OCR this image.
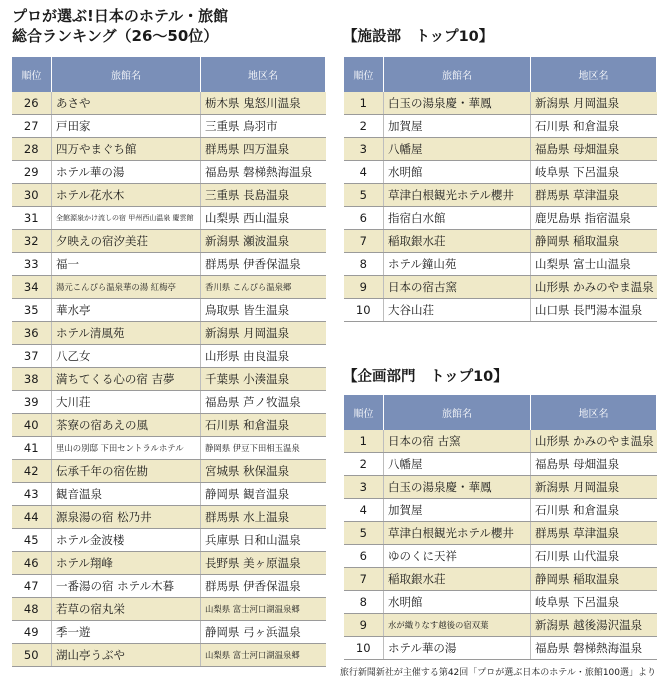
プロが選ぶ!日本のホテル・旅館
総合ランキング（26〜50位）
順位	旅館名	地区名
26	あさや	栃木県 鬼怒川温泉
27	戸田家	三重県 鳥羽市
28	四万やまぐち館	群馬県 四万温泉
29	ホテル華の湯	福島県 磐梯熱海温泉
30	ホテル花水木	三重県 長島温泉
31	全館源泉かけ流しの宿 甲州西山温泉 慶雲館	山梨県 西山温泉
32	夕映えの宿汐美荘	新潟県 瀬波温泉
33	福一	群馬県 伊香保温泉
34	湯元こんぴら温泉華の湯 紅梅亭	香川県 こんぴら温泉郷
35	華水亭	鳥取県 皆生温泉
36	ホテル清風苑	新潟県 月岡温泉
37	八乙女	山形県 由良温泉
38	満ちてくる心の宿 吉夢	千葉県 小湊温泉
39	大川荘	福島県 芦ノ牧温泉
40	茶寮の宿あえの風	石川県 和倉温泉
41	里山の別邸 下田セントラルホテル	静岡県 伊豆下田相玉温泉
42	伝承千年の宿佐勘	宮城県 秋保温泉
43	観音温泉	静岡県 観音温泉
44	源泉湯の宿 松乃井	群馬県 水上温泉
45	ホテル金波楼	兵庫県 日和山温泉
46	ホテル翔峰	長野県 美ヶ原温泉
47	一番湯の宿 ホテル木暮	群馬県 伊香保温泉
48	若草の宿丸栄	山梨県 富士河口湖温泉郷
49	季一遊	静岡県 弓ヶ浜温泉
50	湖山亭うぶや	山梨県 富士河口湖温泉郷
【施設部　トップ10】
順位	旅館名	地区名
1	白玉の湯泉慶・華鳳	新潟県 月岡温泉
2	加賀屋	石川県 和倉温泉
3	八幡屋	福島県 母畑温泉
4	水明館	岐阜県 下呂温泉
5	草津白根観光ホテル櫻井	群馬県 草津温泉
6	指宿白水館	鹿児島県 指宿温泉
7	稲取銀水荘	静岡県 稲取温泉
8	ホテル鐘山苑	山梨県 富士山温泉
9	日本の宿古窯	山形県 かみのやま温泉
10	大谷山荘	山口県 長門湯本温泉
【企画部門　トップ10】
順位	旅館名	地区名
1	日本の宿 古窯	山形県 かみのやま温泉
2	八幡屋	福島県 母畑温泉
3	白玉の湯泉慶・華鳳	新潟県 月岡温泉
4	加賀屋	石川県 和倉温泉
5	草津白根観光ホテル櫻井	群馬県 草津温泉
6	ゆのくに天祥	石川県 山代温泉
7	稲取銀水荘	静岡県 稲取温泉
8	水明館	岐阜県 下呂温泉
9	水が織りなす越後の宿双葉	新潟県 越後湯沢温泉
10	ホテル華の湯	福島県 磐梯熱海温泉
旅行新聞新社が主催する第42回「プロが選ぶ日本のホテル・旅館100選」より
